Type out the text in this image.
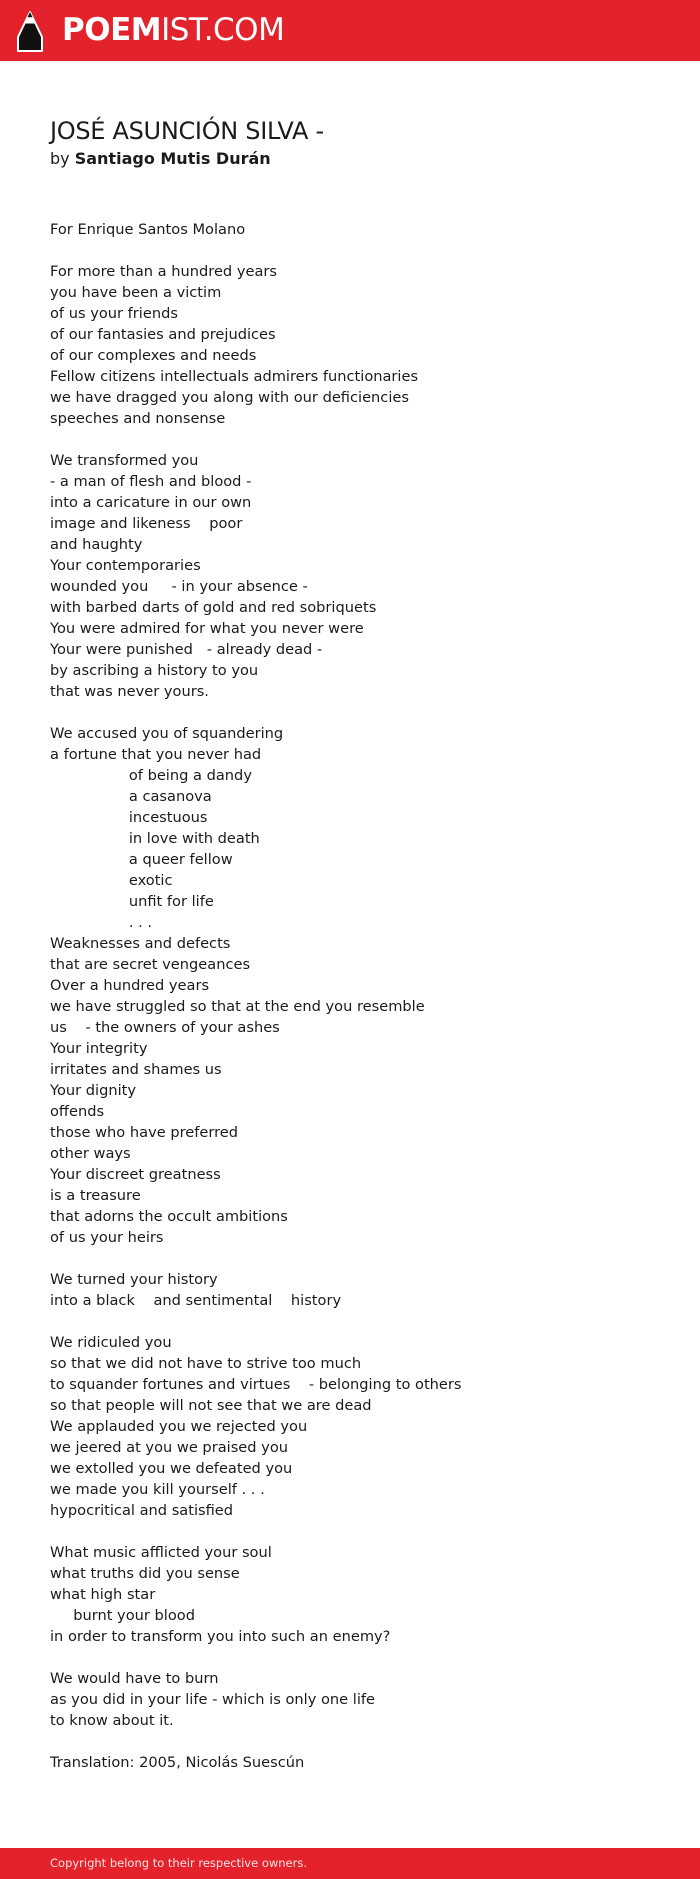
POEMIST.COM
JOSÉ ASUNCIÓN SILVA -
by Santiago Mutis Durán
For Enrique Santos Molano
For more than a hundred years
you have been a victim
of us your friends
of our fantasies and prejudices
of our complexes and needs
Fellow citizens intellectuals admirers functionaries
we have dragged you along with our deficiencies
speeches and nonsense
We transformed you
- a man of flesh and blood -
into a caricature in our own
image and likeness    poor
and haughty
Your contemporaries
wounded you     - in your absence -
with barbed darts of gold and red sobriquets
You were admired for what you never were
Your were punished   - already dead -
by ascribing a history to you
that was never yours.
We accused you of squandering
a fortune that you never had
of being a dandy
a casanova
incestuous
in love with death
a queer fellow
exotic
unfit for life
. . .
Weaknesses and defects
that are secret vengeances
Over a hundred years
we have struggled so that at the end you resemble
us    - the owners of your ashes
Your integrity
irritates and shames us
Your dignity
offends
those who have preferred
other ways
Your discreet greatness
is a treasure
that adorns the occult ambitions
of us your heirs
We turned your history
into a black    and sentimental    history
We ridiculed you
so that we did not have to strive too much
to squander fortunes and virtues    - belonging to others
so that people will not see that we are dead
We applauded you we rejected you
we jeered at you we praised you
we extolled you we defeated you
we made you kill yourself . . .
hypocritical and satisfied
What music afflicted your soul
what truths did you sense
what high star
burnt your blood
in order to transform you into such an enemy?
We would have to burn
as you did in your life - which is only one life
to know about it.
Translation: 2005, Nicolás Suescún
Copyright belong to their respective owners.
